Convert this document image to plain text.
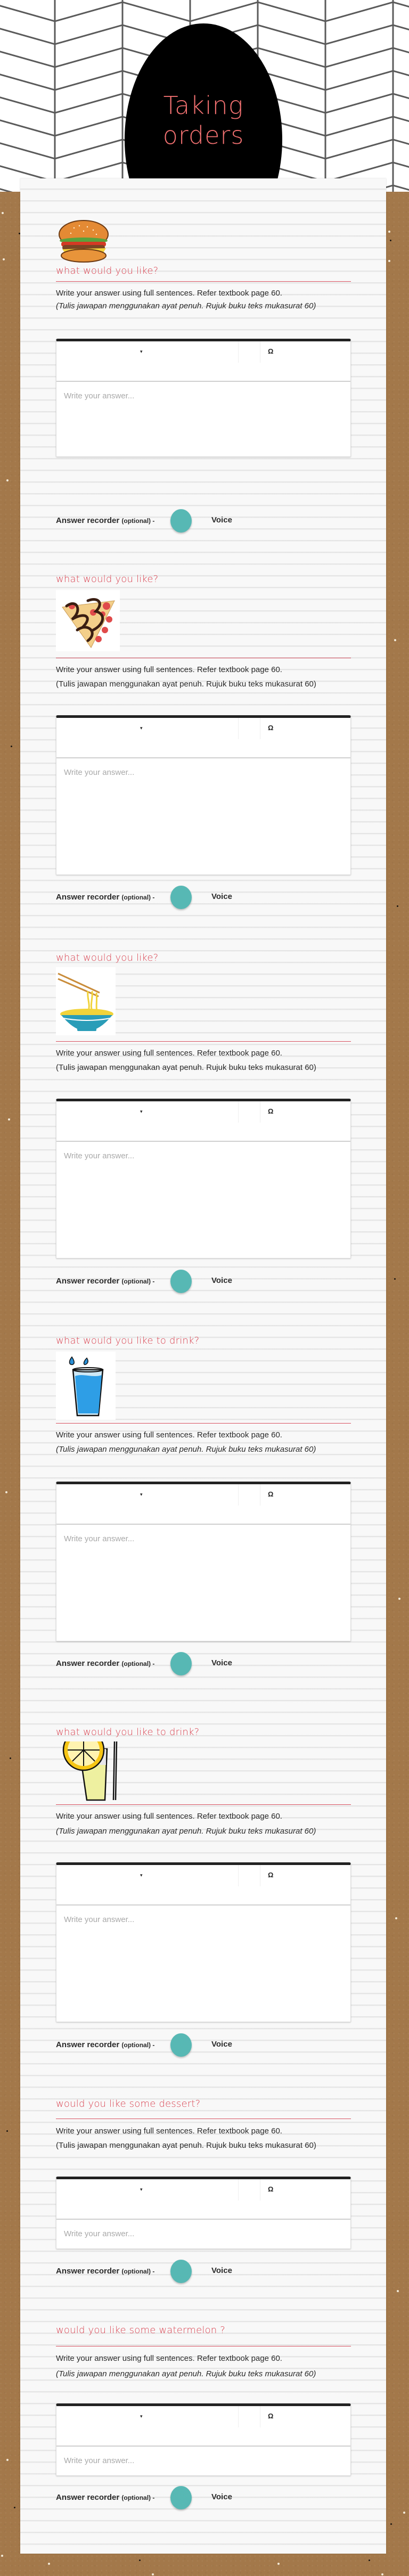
Taking
orders
what would you like?
Write your answer using full sentences. Refer textbook page 60.
(Tulis jawapan menggunakan ayat penuh. Rujuk buku teks mukasurat 60)
▾	Ω
Write your answer...
Answer recorder (optional) -	Voice
what would you like?
Write your answer using full sentences. Refer textbook page 60.
(Tulis jawapan menggunakan ayat penuh. Rujuk buku teks mukasurat 60)
▾	Ω
Write your answer...
Answer recorder (optional) -	Voice
what would you like?
Write your answer using full sentences. Refer textbook page 60.
(Tulis jawapan menggunakan ayat penuh. Rujuk buku teks mukasurat 60)
▾	Ω
Write your answer...
Answer recorder (optional) -	Voice
what would you like to drink?
Write your answer using full sentences. Refer textbook page 60.
(Tulis jawapan menggunakan ayat penuh. Rujuk buku teks mukasurat 60)
▾	Ω
Write your answer...
Answer recorder (optional) -	Voice
what would you like to drink?
Write your answer using full sentences. Refer textbook page 60.
(Tulis jawapan menggunakan ayat penuh. Rujuk buku teks mukasurat 60)
▾	Ω
Write your answer...
Answer recorder (optional) -	Voice
would you like some dessert?
Write your answer using full sentences. Refer textbook page 60.
(Tulis jawapan menggunakan ayat penuh. Rujuk buku teks mukasurat 60)
▾	Ω
Write your answer...
Answer recorder (optional) -	Voice
would you like some watermelon ?
Write your answer using full sentences. Refer textbook page 60.
(Tulis jawapan menggunakan ayat penuh. Rujuk buku teks mukasurat 60)
▾	Ω
Write your answer...
Answer recorder (optional) -	Voice
